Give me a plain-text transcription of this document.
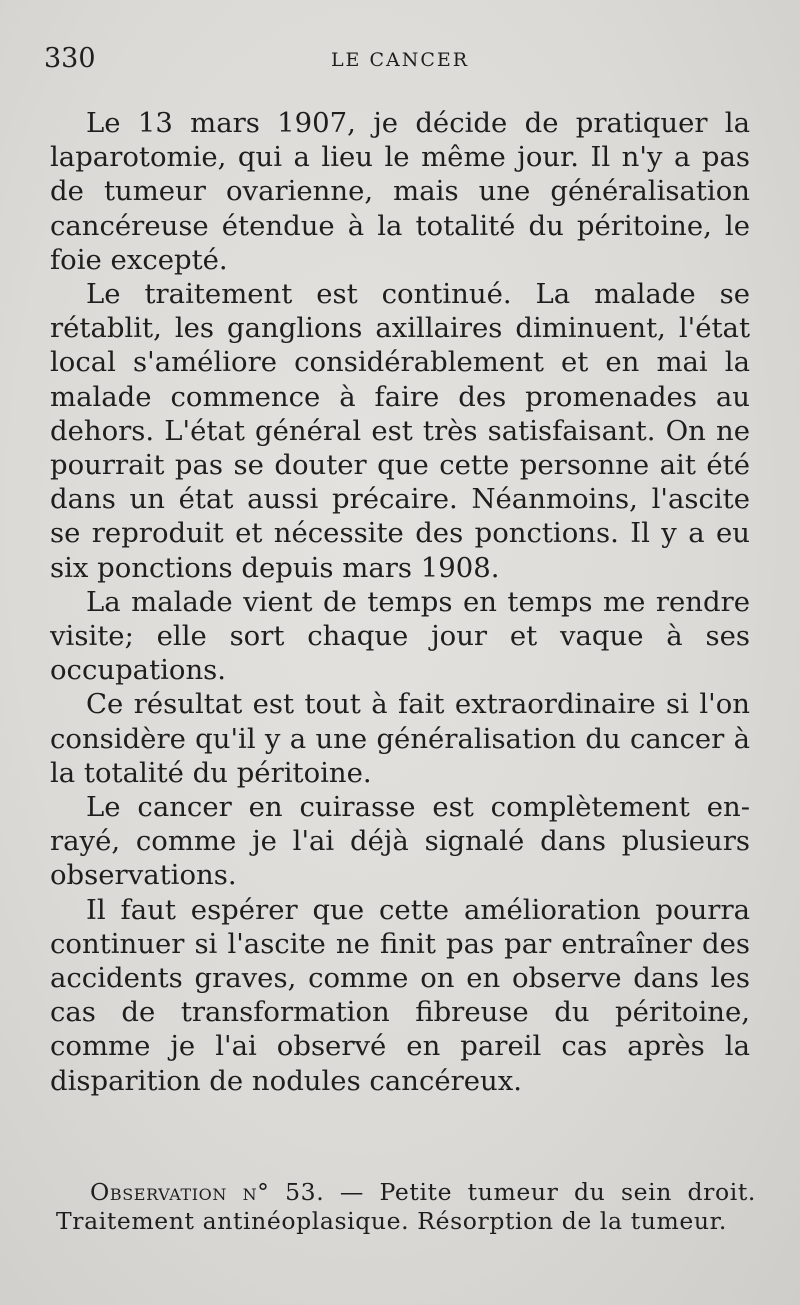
330	LE CANCER

Le 13 mars 1907, je décide de pratiquer la laparotomie, qui a lieu le même jour. Il n'y a pas de tumeur ovarienne, mais une généralisation cancéreuse étendue à la totalité du péritoine, le foie excepté.

Le traitement est continué. La malade se rétablit, les ganglions axillaires diminuent, l'état local s'améliore considérablement et en mai la malade commence à faire des promenades au dehors. L'état général est très satisfaisant. On ne pourrait pas se douter que cette personne ait été dans un état aussi précaire. Néanmoins, l'ascite se reproduit et nécessite des ponctions. Il y a eu six ponctions depuis mars 1908.

La malade vient de temps en temps me rendre visite; elle sort chaque jour et vaque à ses occupations.

Ce résultat est tout à fait extraordinaire si l'on considère qu'il y a une généralisation du cancer à la totalité du péritoine.

Le cancer en cuirasse est complètement enrayé, comme je l'ai déjà signalé dans plusieurs observations.

Il faut espérer que cette amélioration pourra continuer si l'ascite ne finit pas par entraîner des accidents graves, comme on en observe dans les cas de transformation fibreuse du péritoine, comme je l'ai observé en pareil cas après la disparition de nodules cancéreux.

Observation n° 53. — Petite tumeur du sein droit. Traitement antinéoplasique. Résorption de la tumeur.
